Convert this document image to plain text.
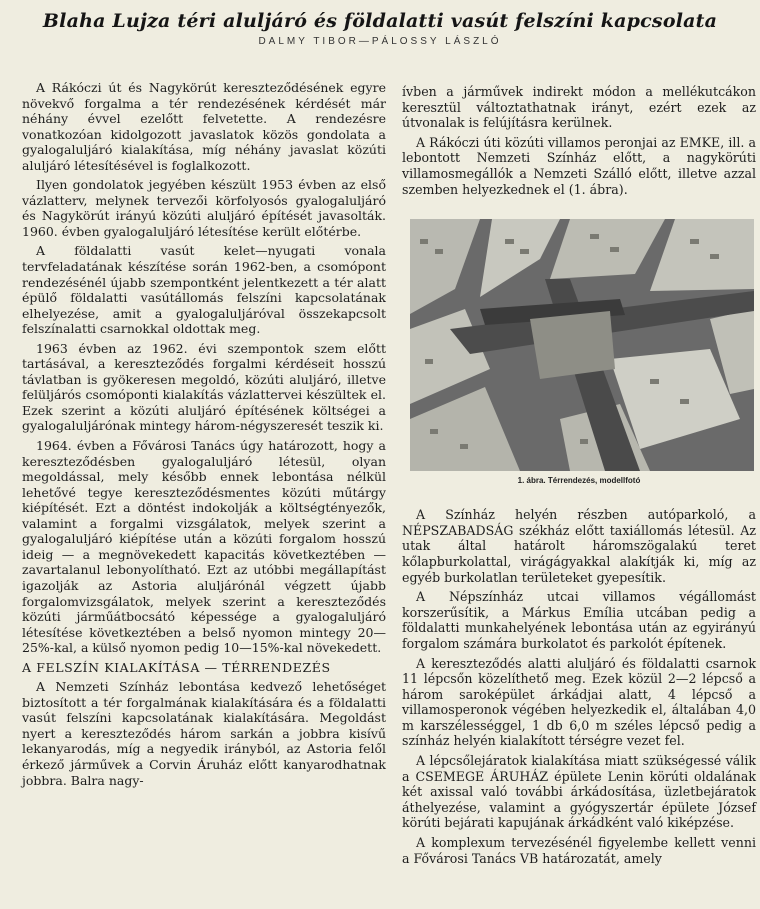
Blaha Lujza téri aluljáró és földalatti vasút felszíni kapcsolata
DALMY TIBOR—PÁLOSSY LÁSZLÓ

A Rákóczi út és Nagykörút kereszteződésének egyre növekvő forgalma a tér rendezésének kérdését már néhány évvel ezelőtt felvetette. A rendezésre vonatkozóan kidolgozott javaslatok közös gondolata a gyalogaluljáró kialakítása, míg néhány javaslat közúti aluljáró létesítésével is foglalkozott.

Ilyen gondolatok jegyében készült 1953 évben az első vázlatterv, melynek tervezői körfolyosós gyalogaluljáró és Nagykörút irányú közúti aluljáró építését javasolták. 1960. évben gyalogaluljáró létesítése került előtérbe.

A földalatti vasút kelet—nyugati vonala tervfeladatának készítése során 1962-ben, a csomópont rendezésénél újabb szempontként jelentkezett a tér alatt épülő földalatti vasútállomás felszíni kapcsolatának elhelyezése, amit a gyalogaluljáróval összekapcsolt felszínalatti csarnokkal oldottak meg.

1963 évben az 1962. évi szempontok szem előtt tartásával, a kereszteződés forgalmi kérdéseit hosszú távlatban is gyökeresen megoldó, közúti aluljáró, illetve felüljárós csomóponti kialakítás vázlattervei készültek el. Ezek szerint a közúti aluljáró építésének költségei a gyalogaluljárónak mintegy három-négyszeresét teszik ki.

1964. évben a Fővárosi Tanács úgy határozott, hogy a kereszteződésben gyalogaluljáró létesül, olyan megoldással, mely később ennek lebontása nélkül lehetővé tegye kereszteződésmentes közúti műtárgy kiépítését. Ezt a döntést indokolják a költségtényezők, valamint a forgalmi vizsgálatok, melyek szerint a gyalogaluljáró kiépítése után a közúti forgalom hosszú ideig — a megnövekedett kapacitás következtében — zavartalanul lebonyolítható. Ezt az utóbbi megállapítást igazolják az Astoria aluljárónál végzett újabb forgalomvizsgálatok, melyek szerint a kereszteződés közúti járműátbocsátó képessége a gyalogaluljáró létesítése következtében a belső nyomon mintegy 20—25%-kal, a külső nyomon pedig 10—15%-kal növekedett.

A FELSZÍN KIALAKÍTÁSA — TÉRRENDEZÉS

A Nemzeti Színház lebontása kedvező lehetőséget biztosított a tér forgalmának kialakítására és a földalatti vasút felszíni kapcsolatának kialakítására. Megoldást nyert a kereszteződés három sarkán a jobbra kisívű lekanyarodás, míg a negyedik irányból, az Astoria felől érkező járművek a Corvin Áruház előtt kanyarodhatnak jobbra. Balra nagy-

ívben a járművek indirekt módon a mellékutcákon keresztül változtathatnak irányt, ezért ezek az útvonalak is felújításra kerülnek.

A Rákóczi úti közúti villamos peronjai az EMKE, ill. a lebontott Nemzeti Színház előtt, a nagykörúti villamosmegállók a Nemzeti Szálló előtt, illetve azzal szemben helyezkednek el (1. ábra).

1. ábra. Térrendezés, modellfotó

A Színház helyén részben autóparkoló, a NÉPSZABADSÁG székház előtt taxiállomás létesül. Az utak által határolt háromszögalakú teret kőlapburkolattal, virágágyakkal alakítják ki, míg az egyéb burkolatlan területeket gyepesítik.

A Népszínház utcai villamos végállomást korszerűsítik, a Márkus Emília utcában pedig a földalatti munkahelyének lebontása után az egyirányú forgalom számára burkolatot és parkolót építenek.

A kereszteződés alatti aluljáró és földalatti csarnok 11 lépcsőn közelíthető meg. Ezek közül 2—2 lépcső a három saroképület árkádjai alatt, 4 lépcső a villamosperonok végében helyezkedik el, általában 4,0 m karszélességgel, 1 db 6,0 m széles lépcső pedig a színház helyén kialakított térségre vezet fel.

A lépcsőlejáratok kialakítása miatt szükségessé válik a CSEMEGE ÁRUHÁZ épülete Lenin körúti oldalának két axissal való további árkádosítása, üzletbejáratok áthelyezése, valamint a gyógyszertár épülete József körúti bejárati kapujának árkádként való kiképzése.

A komplexum tervezésénél figyelembe kellett venni a Fővárosi Tanács VB határozatát, amely
